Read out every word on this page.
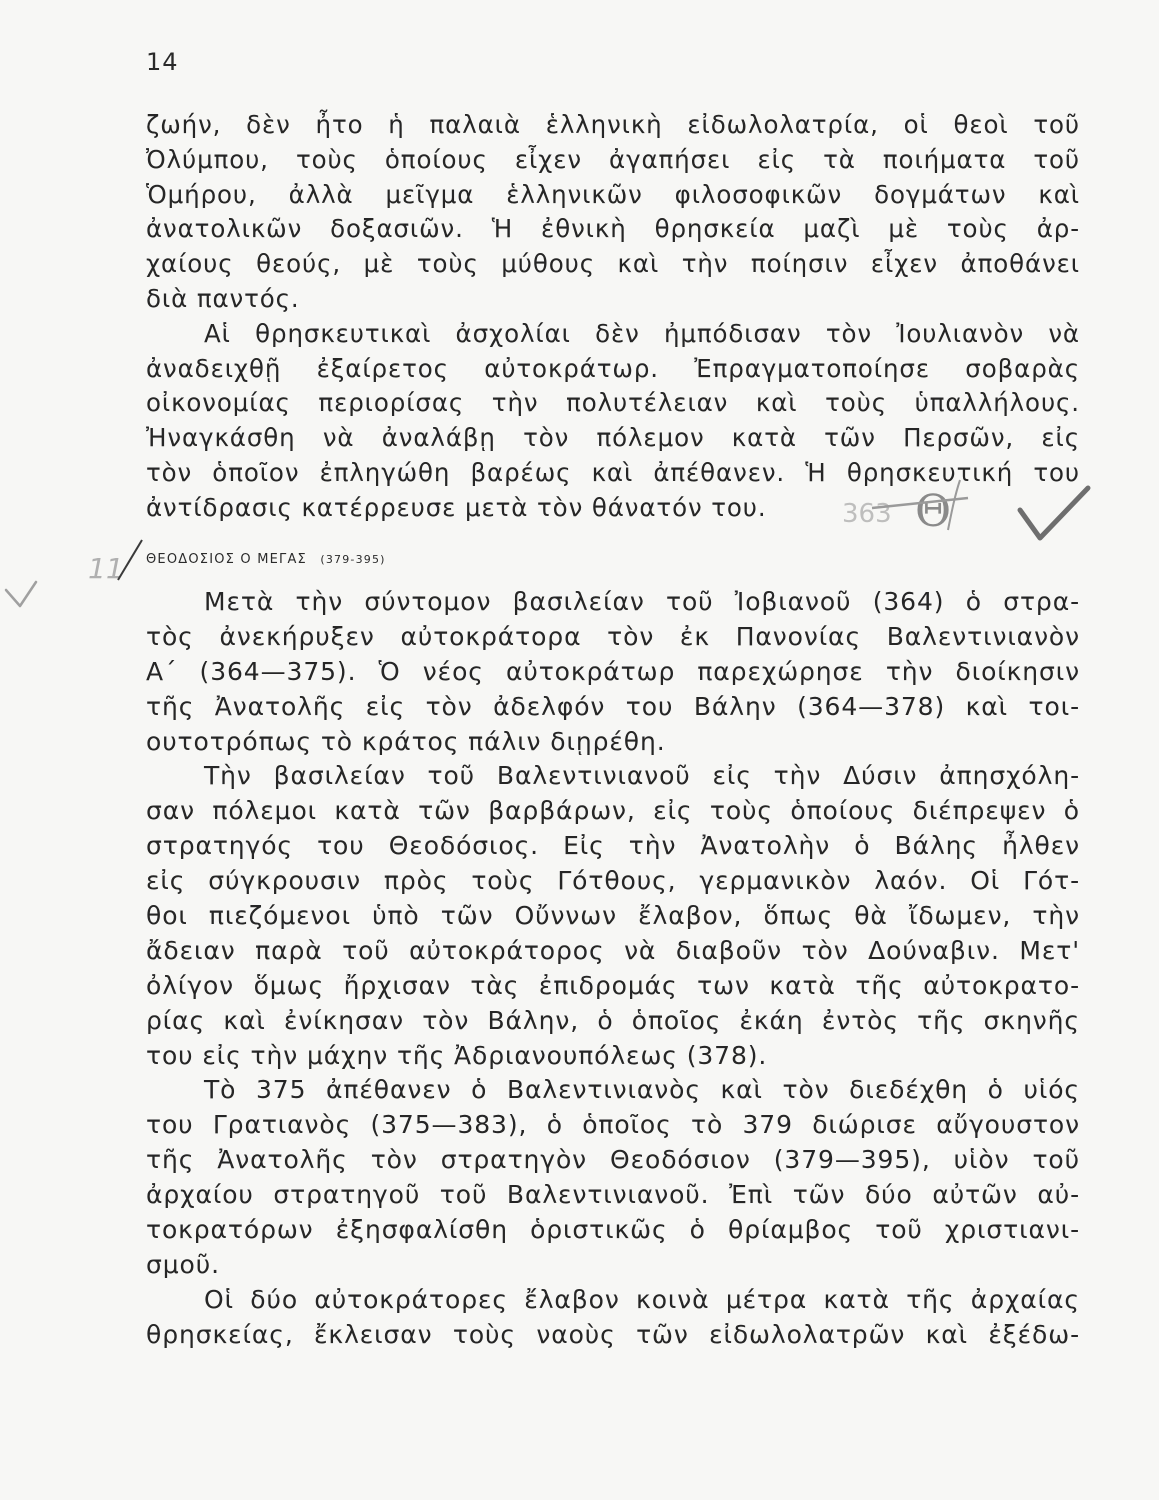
14
ζωήν, δὲν ἦτο ἡ παλαιὰ ἑλληνικὴ εἰδωλολατρία, οἱ θεοὶ τοῦ
Ὀλύμπου, τοὺς ὁποίους εἶχεν ἀγαπήσει εἰς τὰ ποιήματα τοῦ
Ὁμήρου, ἀλλὰ μεῖγμα ἑλληνικῶν φιλοσοφικῶν δογμάτων καὶ
ἀνατολικῶν δοξασιῶν. Ἡ ἐθνικὴ θρησκεία μαζὶ μὲ τοὺς ἀρ-
χαίους θεούς, μὲ τοὺς μύθους καὶ τὴν ποίησιν εἶχεν ἀποθάνει
διὰ παντός.
Αἱ θρησκευτικαὶ ἀσχολίαι δὲν ἠμπόδισαν τὸν Ἰουλιανὸν νὰ
ἀναδειχθῇ ἐξαίρετος αὐτοκράτωρ. Ἐπραγματοποίησε σοβαρὰς
οἰκονομίας περιορίσας τὴν πολυτέλειαν καὶ τοὺς ὑπαλλήλους.
Ἠναγκάσθη νὰ ἀναλάβῃ τὸν πόλεμον κατὰ τῶν Περσῶν, εἰς
τὸν ὁποῖον ἐπληγώθη βαρέως καὶ ἀπέθανεν. Ἡ θρησκευτική του
ἀντίδρασις κατέρρευσε μετὰ τὸν θάνατόν του.
ΘΕΟΔΟΣΙΟΣ Ο ΜΕΓΑΣ (379-395)
Μετὰ τὴν σύντομον βασιλείαν τοῦ Ἰοβιανοῦ (364) ὁ στρα-
τὸς ἀνεκήρυξεν αὐτοκράτορα τὸν ἐκ Πανονίας Βαλεντινιανὸν
Α΄ (364—375). Ὁ νέος αὐτοκράτωρ παρεχώρησε τὴν διοίκησιν
τῆς Ἀνατολῆς εἰς τὸν ἀδελφόν του Βάλην (364—378) καὶ τοι-
ουτοτρόπως τὸ κράτος πάλιν διῃρέθη.
Τὴν βασιλείαν τοῦ Βαλεντινιανοῦ εἰς τὴν Δύσιν ἀπησχόλη-
σαν πόλεμοι κατὰ τῶν βαρβάρων, εἰς τοὺς ὁποίους διέπρεψεν ὁ
στρατηγός του Θεοδόσιος. Εἰς τὴν Ἀνατολὴν ὁ Βάλης ἦλθεν
εἰς σύγκρουσιν πρὸς τοὺς Γότθους, γερμανικὸν λαόν. Οἱ Γότ-
θοι πιεζόμενοι ὑπὸ τῶν Οὔννων ἔλαβον, ὅπως θὰ ἴδωμεν, τὴν
ἄδειαν παρὰ τοῦ αὐτοκράτορος νὰ διαβοῦν τὸν Δούναβιν. Μετ'
ὀλίγον ὅμως ἤρχισαν τὰς ἐπιδρομάς των κατὰ τῆς αὐτοκρατο-
ρίας καὶ ἐνίκησαν τὸν Βάλην, ὁ ὁποῖος ἐκάη ἐντὸς τῆς σκηνῆς
του εἰς τὴν μάχην τῆς Ἀδριανουπόλεως (378).
Τὸ 375 ἀπέθανεν ὁ Βαλεντινιανὸς καὶ τὸν διεδέχθη ὁ υἱός
του Γρατιανὸς (375—383), ὁ ὁποῖος τὸ 379 διώρισε αὔγουστον
τῆς Ἀνατολῆς τὸν στρατηγὸν Θεοδόσιον (379—395), υἱὸν τοῦ
ἀρχαίου στρατηγοῦ τοῦ Βαλεντινιανοῦ. Ἐπὶ τῶν δύο αὐτῶν αὐ-
τοκρατόρων ἐξησφαλίσθη ὁριστικῶς ὁ θρίαμβος τοῦ χριστιανι-
σμοῦ.
Οἱ δύο αὐτοκράτορες ἔλαβον κοινὰ μέτρα κατὰ τῆς ἀρχαίας
θρησκείας, ἔκλεισαν τοὺς ναοὺς τῶν εἰδωλολατρῶν καὶ ἐξέδω-
363 Θ
11
